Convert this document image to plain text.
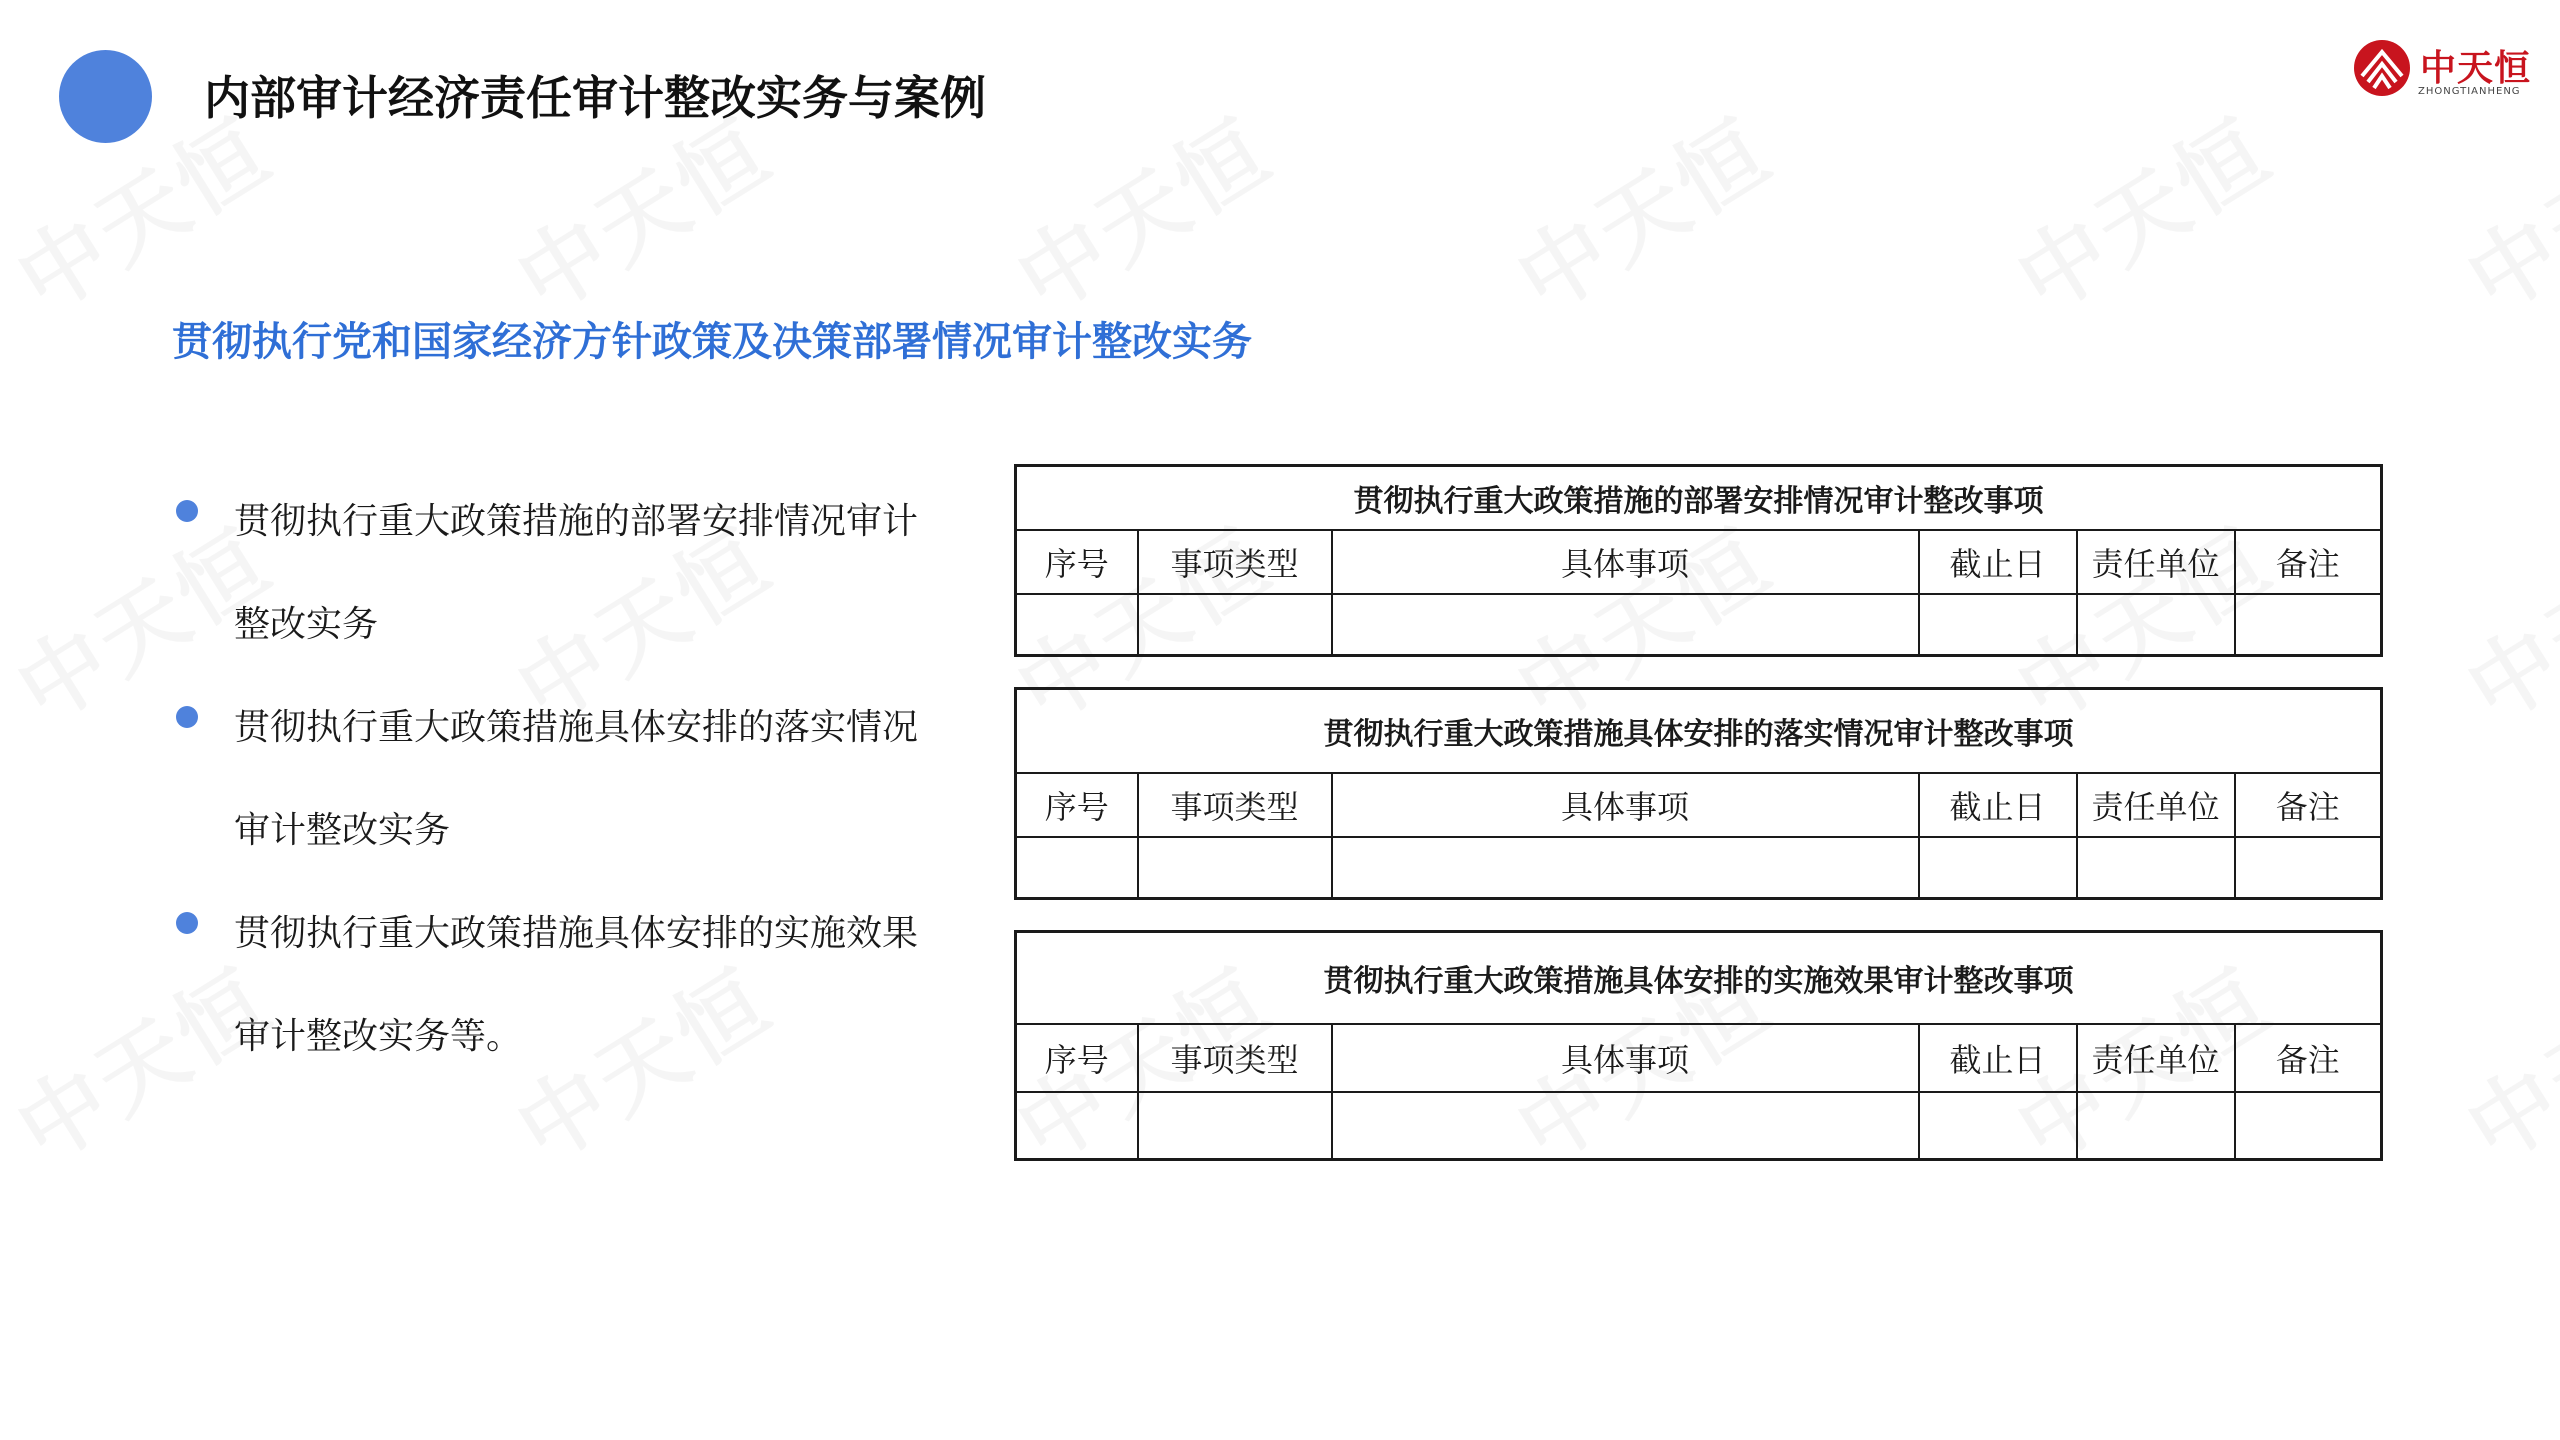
内部审计经济责任审计整改实务与案例
中天恒
ZHONGTIANHENG
贯彻执行党和国家经济方针政策及决策部署情况审计整改实务
贯彻执行重大政策措施的部署安排情况审计整改实务
贯彻执行重大政策措施具体安排的落实情况审计整改实务
贯彻执行重大政策措施具体安排的实施效果审计整改实务等。
贯彻执行重大政策措施的部署安排情况审计整改事项					
序号	事项类型	具体事项	截止日	责任单位	备注

贯彻执行重大政策措施具体安排的落实情况审计整改事项					
序号	事项类型	具体事项	截止日	责任单位	备注

贯彻执行重大政策措施具体安排的实施效果审计整改事项					
序号	事项类型	具体事项	截止日	责任单位	备注
